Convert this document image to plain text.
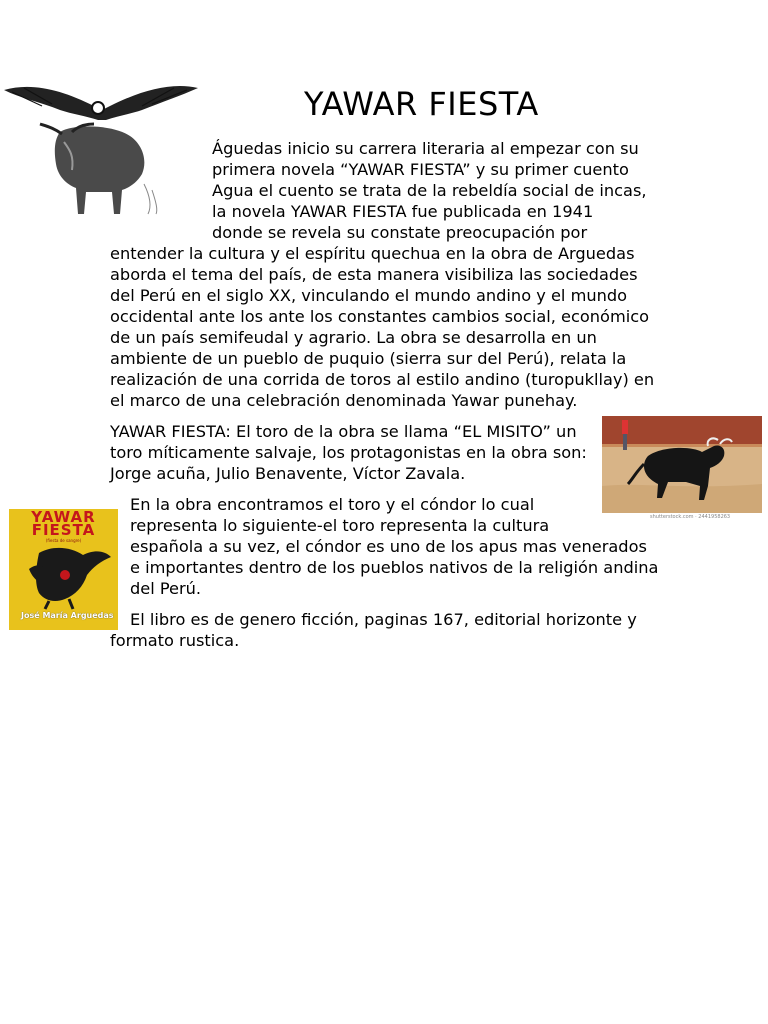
YAWAR FIESTA
Águedas inicio su carrera literaria al empezar con su
primera novela “YAWAR FIESTA” y su primer cuento
Agua el cuento se trata de la rebeldía social de incas,
la novela YAWAR FIESTA fue publicada en 1941
donde se revela su constate preocupación por
entender la cultura y el espíritu quechua en la obra de Arguedas
aborda el tema del país, de esta manera visibiliza las sociedades
del Perú en el siglo XX, vinculando el mundo andino y el mundo
occidental ante los ante los constantes cambios social, económico
de un país semifeudal y agrario. La obra se desarrolla en un
ambiente de un pueblo de puquio (sierra sur del Perú), relata la
realización de una corrida de toros al estilo andino (turopukllay) en
el marco de una celebración denominada Yawar punehay.
YAWAR FIESTA: El toro de la obra se llama “EL MISITO” un
toro míticamente salvaje, los protagonistas en la obra son:
Jorge acuña, Julio Benavente, Víctor Zavala.
shutterstock.com · 2441958263
En la obra encontramos el toro y el cóndor lo cual
representa lo siguiente-el toro representa la cultura
española a su vez, el cóndor es uno de los apus mas venerados
e importantes dentro de los pueblos nativos de la religión andina
del Perú.
YAWAR
FIESTA
(fiesta de sangre)
José María Arguedas El libro es de genero ficción, paginas 167, editorial horizonte y
formato rustica.
